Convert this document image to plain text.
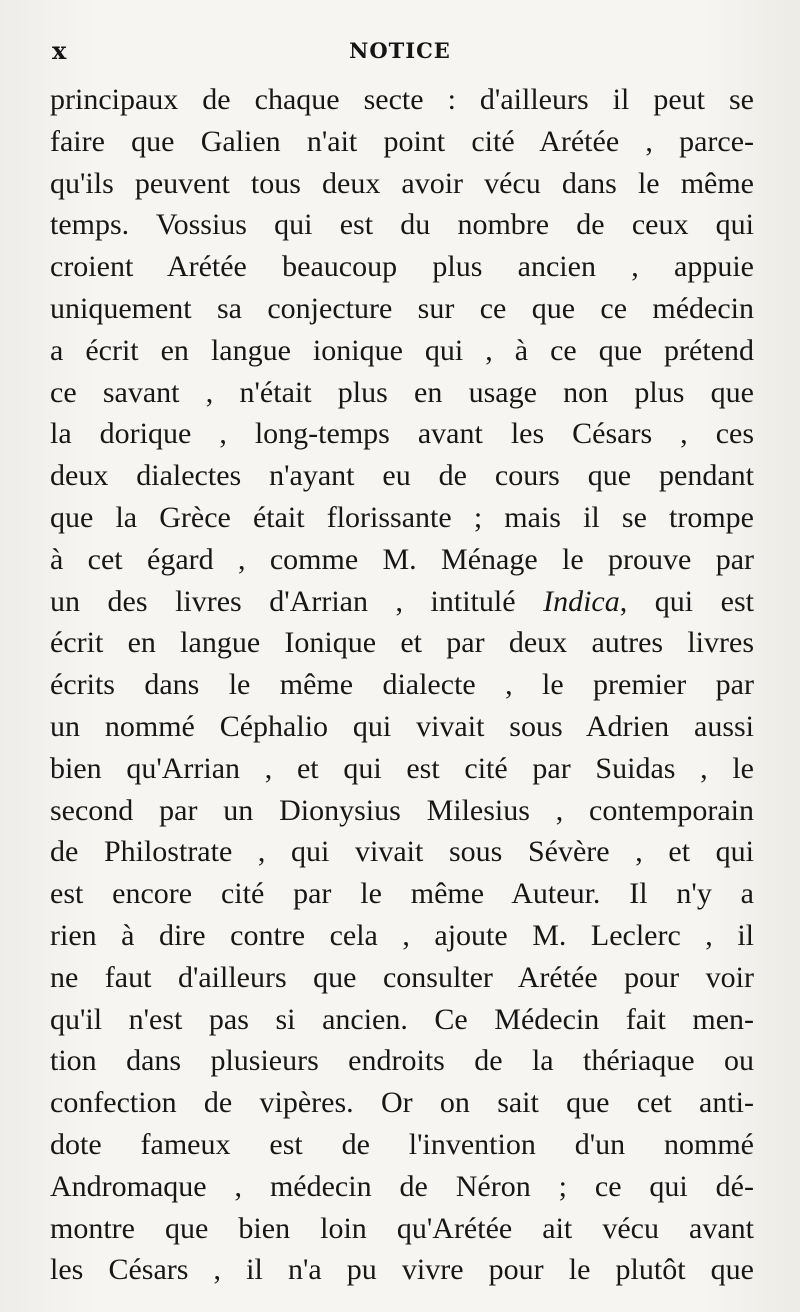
x	NOTICE
principaux de chaque secte : d'ailleurs il peut se
faire que Galien n'ait point cité Arétée , parce-
qu'ils peuvent tous deux avoir vécu dans le même
temps. Vossius qui est du nombre de ceux qui
croient Arétée beaucoup plus ancien , appuie
uniquement sa conjecture sur ce que ce médecin
a écrit en langue ionique qui , à ce que prétend
ce savant , n'était plus en usage non plus que
la dorique , long-temps avant les Césars , ces
deux dialectes n'ayant eu de cours que pendant
que la Grèce était florissante ; mais il se trompe
à cet égard , comme M. Ménage le prouve par
un des livres d'Arrian , intitulé Indica, qui est
écrit en langue Ionique et par deux autres livres
écrits dans le même dialecte , le premier par
un nommé Céphalio qui vivait sous Adrien aussi
bien qu'Arrian , et qui est cité par Suidas , le
second par un Dionysius Milesius , contemporain
de Philostrate , qui vivait sous Sévère , et qui
est encore cité par le même Auteur. Il n'y a
rien à dire contre cela , ajoute M. Leclerc , il
ne faut d'ailleurs que consulter Arétée pour voir
qu'il n'est pas si ancien. Ce Médecin fait men-
tion dans plusieurs endroits de la thériaque ou
confection de vipères. Or on sait que cet anti-
dote fameux est de l'invention d'un nommé
Andromaque , médecin de Néron ; ce qui dé-
montre que bien loin qu'Arétée ait vécu avant
les Césars , il n'a pu vivre pour le plutôt que
